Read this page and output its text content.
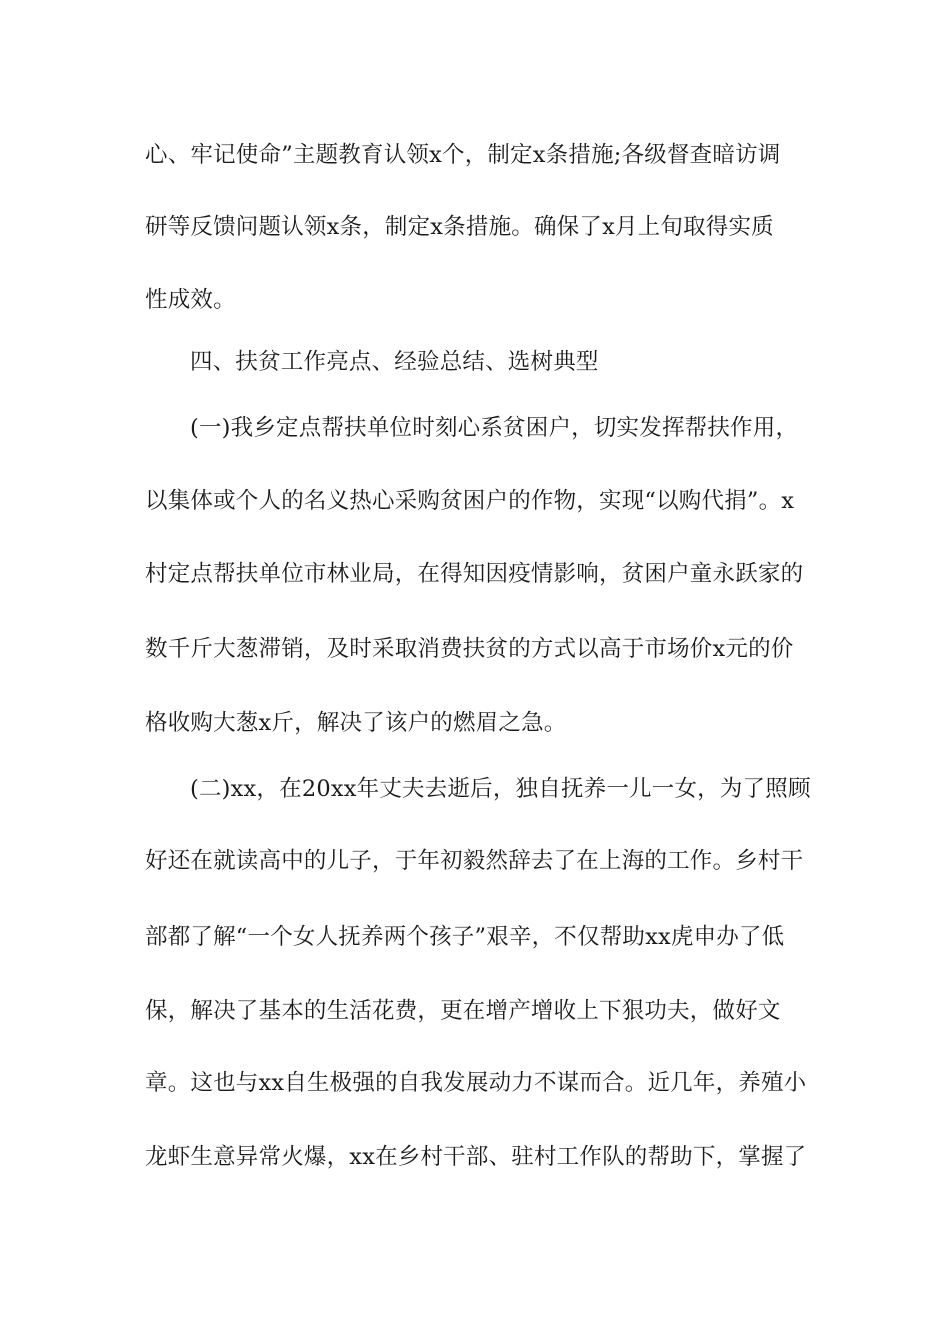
心、牢记使命”主题教育认领x个，制定x条措施;各级督查暗访调
研等反馈问题认领x条，制定x条措施。确保了x月上旬取得实质
性成效。
四、扶贫工作亮点、经验总结、选树典型
(一)我乡定点帮扶单位时刻心系贫困户，切实发挥帮扶作用，
以集体或个人的名义热心采购贫困户的作物，实现“以购代捐”。x
村定点帮扶单位市林业局，在得知因疫情影响，贫困户童永跃家的
数千斤大葱滞销，及时采取消费扶贫的方式以高于市场价x元的价
格收购大葱x斤，解决了该户的燃眉之急。
(二)xx，在20xx年丈夫去逝后，独自抚养一儿一女，为了照顾
好还在就读高中的儿子，于年初毅然辞去了在上海的工作。乡村干
部都了解“一个女人抚养两个孩子”艰辛，不仅帮助xx虎申办了低
保，解决了基本的生活花费，更在增产增收上下狠功夫，做好文
章。这也与xx自生极强的自我发展动力不谋而合。近几年，养殖小
龙虾生意异常火爆，xx在乡村干部、驻村工作队的帮助下，掌握了
